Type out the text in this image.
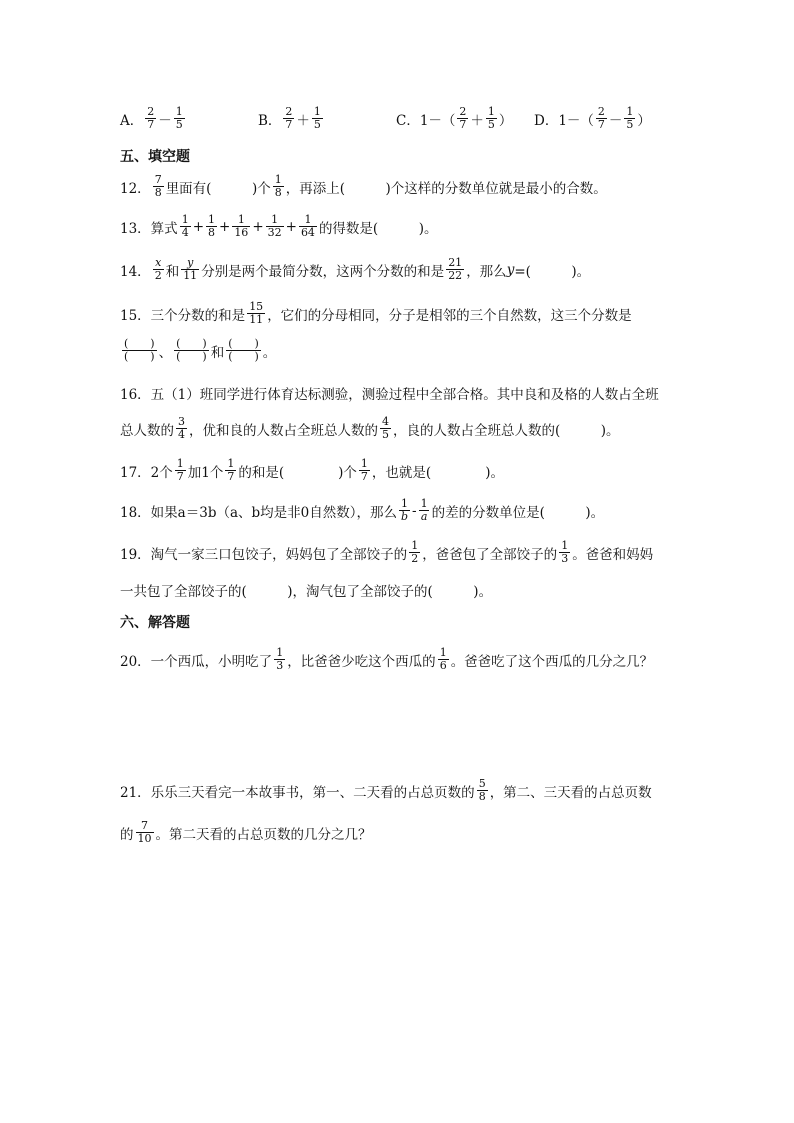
A． $\frac{2}{7} - \frac{1}{5}$	B． $\frac{2}{7} + \frac{1}{5}$	C．$1-( \frac{2}{7} + \frac{1}{5}$ ） D．$1-( \frac{2}{7} - \frac{1}{5}$ ）
五、填空题
12． $\frac{7}{8}$ 里面有(　　　)个 $\frac{1}{8}$ ，再添上(　　　)个这样的分数单位就是最小的合数。
13．算式 $\frac{1}{4} + \frac{1}{8} + \frac{1}{16} + \frac{1}{32} + \frac{1}{64}$ 的得数是(　　　)。
14． $\frac{x}{2}$ 和 $\frac{y}{11}$ 分别是两个最简分数，这两个分数的和是 $\frac{21}{22}$ ，那么 y =(　　　)。
15．三个分数的和是 $\frac{15}{11}$ ，它们的分母相同，分子是相邻的三个自然数，这三个分数是
$\frac{( )}{( )}$ 、 $\frac{( )}{( )}$ 和 $\frac{( )}{( )}$ 。
16．五（1）班同学进行体育达标测验，测验过程中全部合格。其中良和及格的人数占全班
总人数的 $\frac{3}{4}$ ，优和良的人数占全班总人数的 $\frac{4}{5}$ ，良的人数占全班总人数的(　　　)。
17．2个 $\frac{1}{7}$ 加1个 $\frac{1}{7}$ 的和是(　　　　)个 $\frac{1}{7}$ ，也就是(　　　　)。
18．如果a＝3b（a、b均是非0自然数），那么 $\frac{1}{b} - \frac{1}{a}$ 的差的分数单位是(　　　)。
19．淘气一家三口包饺子，妈妈包了全部饺子的 $\frac{1}{2}$ ，爸爸包了全部饺子的 $\frac{1}{3}$ 。爸爸和妈妈
一共包了全部饺子的(　　　)，淘气包了全部饺子的(　　　)。
六、解答题
20．一个西瓜，小明吃了 $\frac{1}{3}$ ，比爸爸少吃这个西瓜的 $\frac{1}{6}$ 。爸爸吃了这个西瓜的几分之几？
21．乐乐三天看完一本故事书，第一、二天看的占总页数的 $\frac{5}{8}$ ，第二、三天看的占总页数
的 $\frac{7}{10}$ 。第二天看的占总页数的几分之几？
